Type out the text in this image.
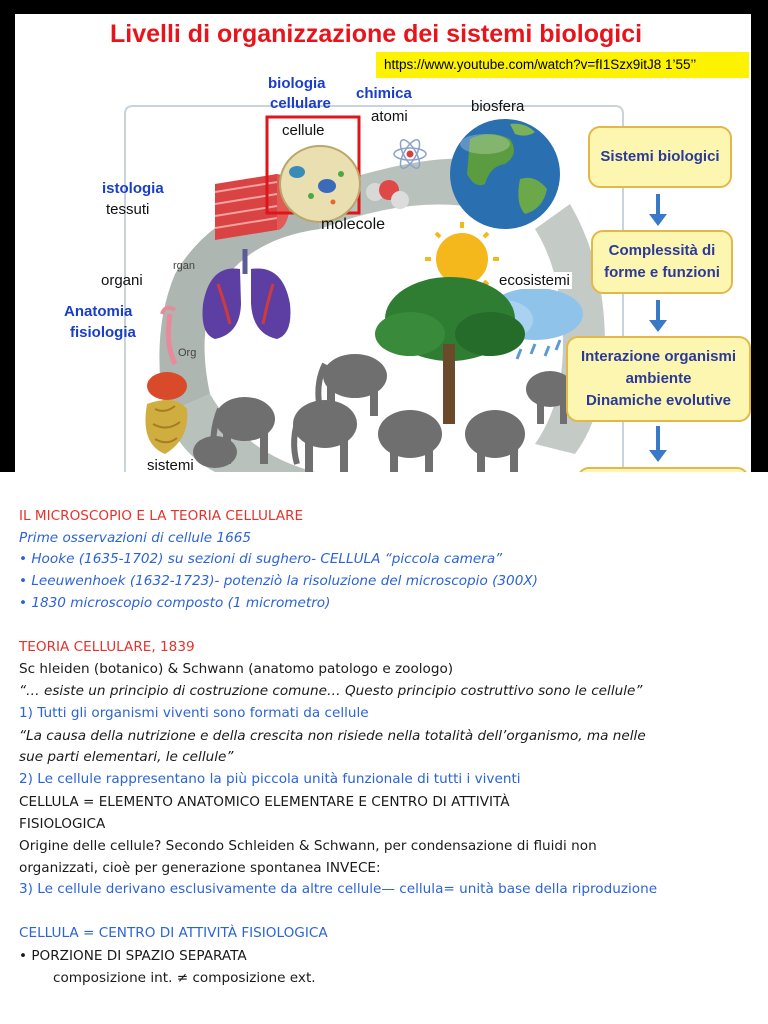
Livelli di organizzazione dei sistemi biologici
https://www.youtube.com/watch?v=fI1Szx9itJ8 1’55’’
biologia
cellulare
chimica
atomi
biosfera
cellule
istologia
tessuti
molecole
organi
rgan
ecosistemi
Anatomia
fisiologia
Org
sistemi
Sistemi biologici
Complessità di
forme e funzioni
Interazione organismi
ambiente
Dinamiche evolutive
IL MICROSCOPIO E LA TEORIA CELLULARE
Prime osservazioni di cellule 1665
• Hooke (1635-1702) su sezioni di sughero- CELLULA “piccola camera”
• Leeuwenhoek (1632-1723)- potenziò la risoluzione del microscopio (300X)
• 1830 microscopio composto (1 micrometro)
TEORIA CELLULARE, 1839
Sc hleiden (botanico) & Schwann (anatomo patologo e zoologo)
“… esiste un principio di costruzione comune… Questo principio costruttivo sono le cellule”
1) Tutti gli organismi viventi sono formati da cellule
“La causa della nutrizione e della crescita non risiede nella totalità dell’organismo, ma nelle
sue parti elementari, le cellule”
2) Le cellule rappresentano la più piccola unità funzionale di tutti i viventi
CELLULA = ELEMENTO ANATOMICO ELEMENTARE E CENTRO DI ATTIVITÀ
FISIOLOGICA
Origine delle cellule? Secondo Schleiden & Schwann, per condensazione di fluidi non
organizzati, cioè per generazione spontanea INVECE:
3) Le cellule derivano esclusivamente da altre cellule— cellula= unità base della riproduzione
CELLULA = CENTRO DI ATTIVITÀ FISIOLOGICA
• PORZIONE DI SPAZIO SEPARATA
composizione int. ≠ composizione ext.
